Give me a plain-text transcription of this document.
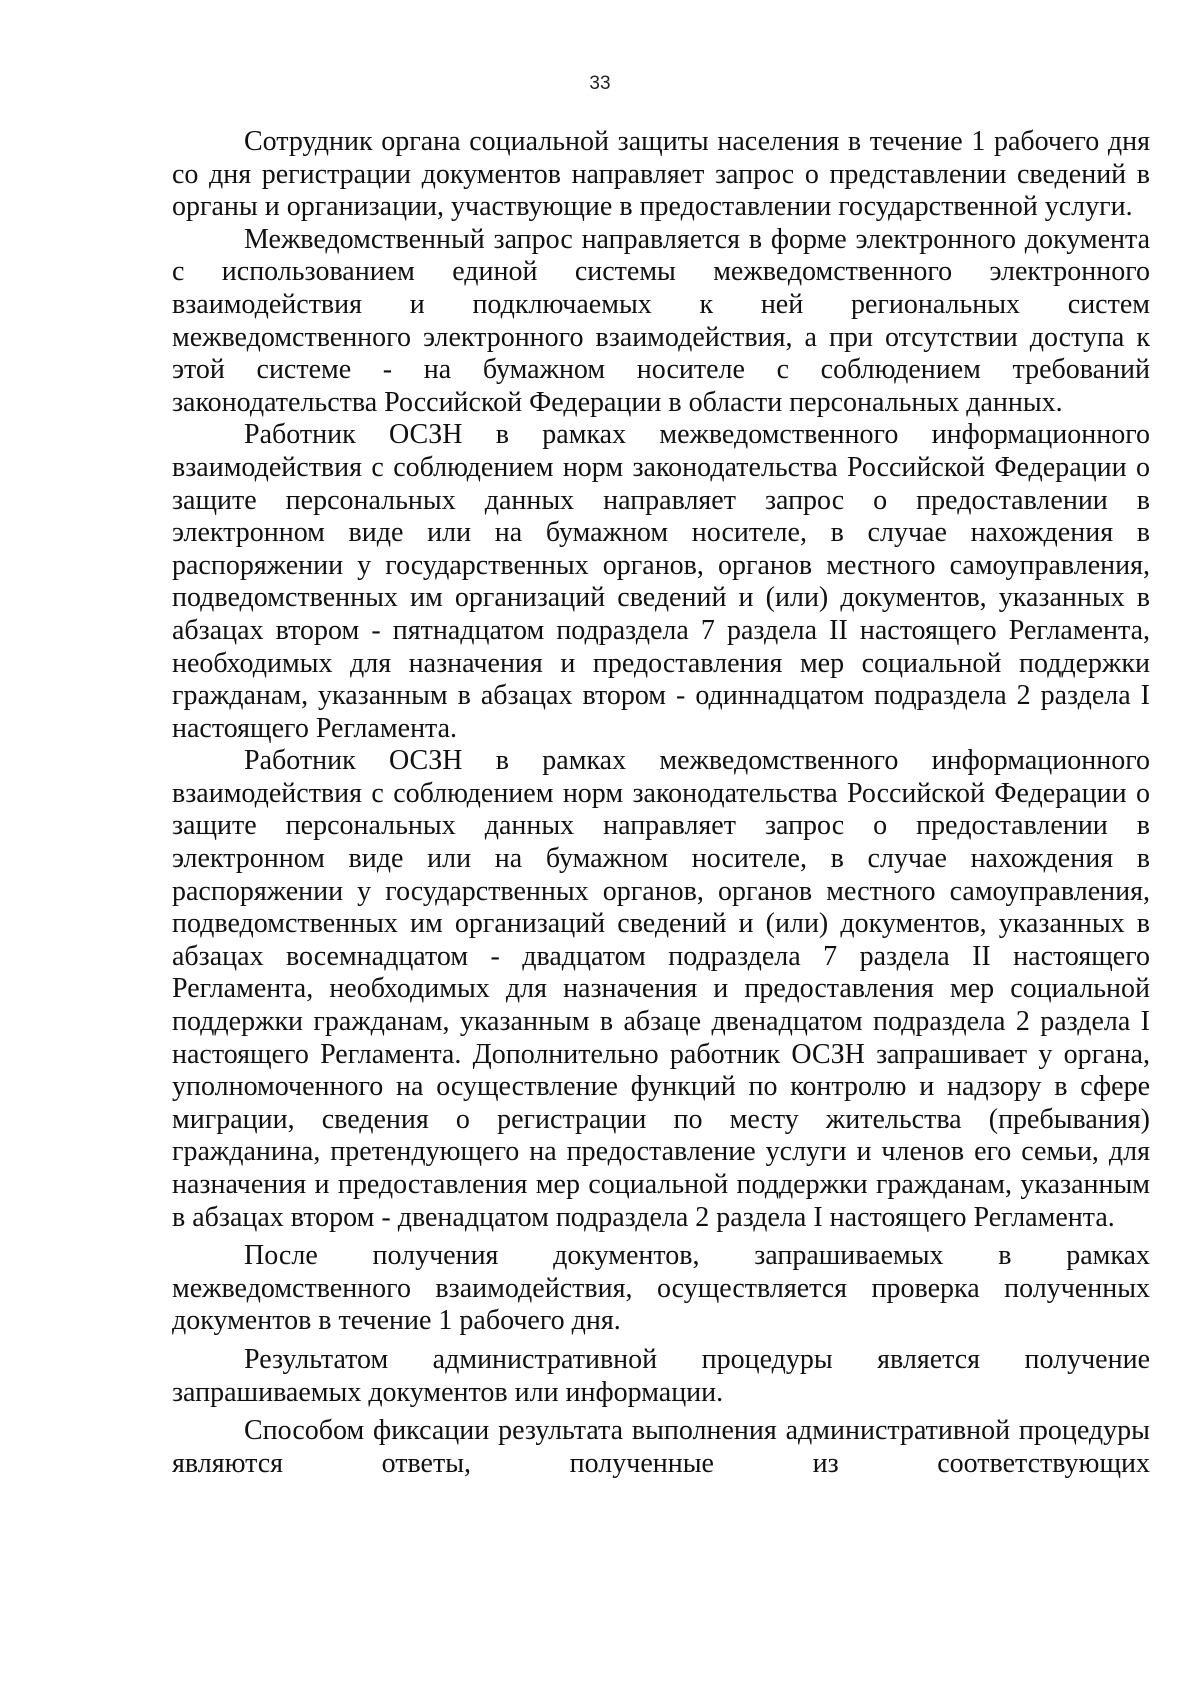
33

Сотрудник органа социальной защиты населения в течение 1 рабочего дня со дня регистрации документов направляет запрос о представлении сведений в органы и организации, участвующие в предоставлении государственной услуги.

Межведомственный запрос направляется в форме электронного документа с использованием единой системы межведомственного электронного взаимодействия и подключаемых к ней региональных систем межведомственного электронного взаимодействия, а при отсутствии доступа к этой системе - на бумажном носителе с соблюдением требований законодательства Российской Федерации в области персональных данных.

Работник ОСЗН в рамках межведомственного информационного взаимодействия с соблюдением норм законодательства Российской Федерации о защите персональных данных направляет запрос о предоставлении в электронном виде или на бумажном носителе, в случае нахождения в распоряжении у государственных органов, органов местного самоуправления, подведомственных им организаций сведений и (или) документов, указанных в абзацах втором - пятнадцатом подраздела 7 раздела II настоящего Регламента, необходимых для назначения и предоставления мер социальной поддержки гражданам, указанным в абзацах втором - одиннадцатом подраздела 2 раздела I настоящего Регламента.

Работник ОСЗН в рамках межведомственного информационного взаимодействия с соблюдением норм законодательства Российской Федерации о защите персональных данных направляет запрос о предоставлении в электронном виде или на бумажном носителе, в случае нахождения в распоряжении у государственных органов, органов местного самоуправления, подведомственных им организаций сведений и (или) документов, указанных в абзацах восемнадцатом - двадцатом подраздела 7 раздела II настоящего Регламента, необходимых для назначения и предоставления мер социальной поддержки гражданам, указанным в абзаце двенадцатом подраздела 2 раздела I настоящего Регламента. Дополнительно работник ОСЗН запрашивает у органа, уполномоченного на осуществление функций по контролю и надзору в сфере миграции, сведения о регистрации по месту жительства (пребывания) гражданина, претендующего на предоставление услуги и членов его семьи, для назначения и предоставления мер социальной поддержки гражданам, указанным в абзацах втором - двенадцатом подраздела 2 раздела I настоящего Регламента.

После получения документов, запрашиваемых в рамках межведомственного взаимодействия, осуществляется проверка полученных документов в течение 1 рабочего дня.

Результатом административной процедуры является получение запрашиваемых документов или информации.

Способом фиксации результата выполнения административной процедуры являются ответы, полученные из соответствующих
